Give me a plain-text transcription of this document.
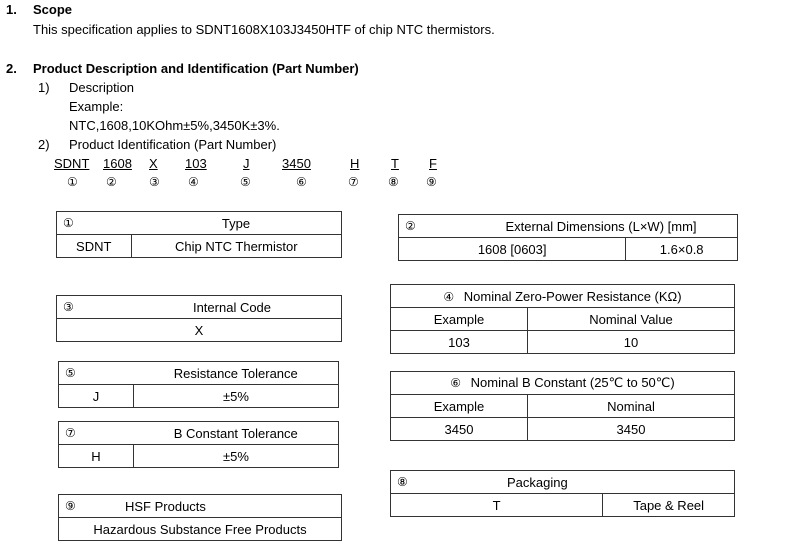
1. Scope
This specification applies to SDNT1608X103J3450HTF of chip NTC thermistors.
2. Product Description and Identification (Part Number)
1) Description
Example:
NTC,1608,10KOhm±5%,3450K±3%.
2) Product Identification (Part Number)
SDNT 1608 X 103	J	3450	H T F
① ②	③ ④	⑤	⑥	⑦ ⑧ ⑨
①	Type
SDNT	Chip NTC Thermistor
②	External Dimensions (L×W) [mm]	
1608 [0603]		1.6×0.8
③	Internal Code
X
④ Nominal Zero-Power Resistance (KΩ)	
Example	Nominal Value
103	10
⑤	Resistance Tolerance
J	±5%
⑥ Nominal B Constant (25℃ to 50℃)	
Example	Nominal
3450	3450
⑦	B Constant Tolerance
H	±5%
⑧	Packaging	
T		Tape & Reel
⑨	HSF Products
Hazardous Substance Free Products
